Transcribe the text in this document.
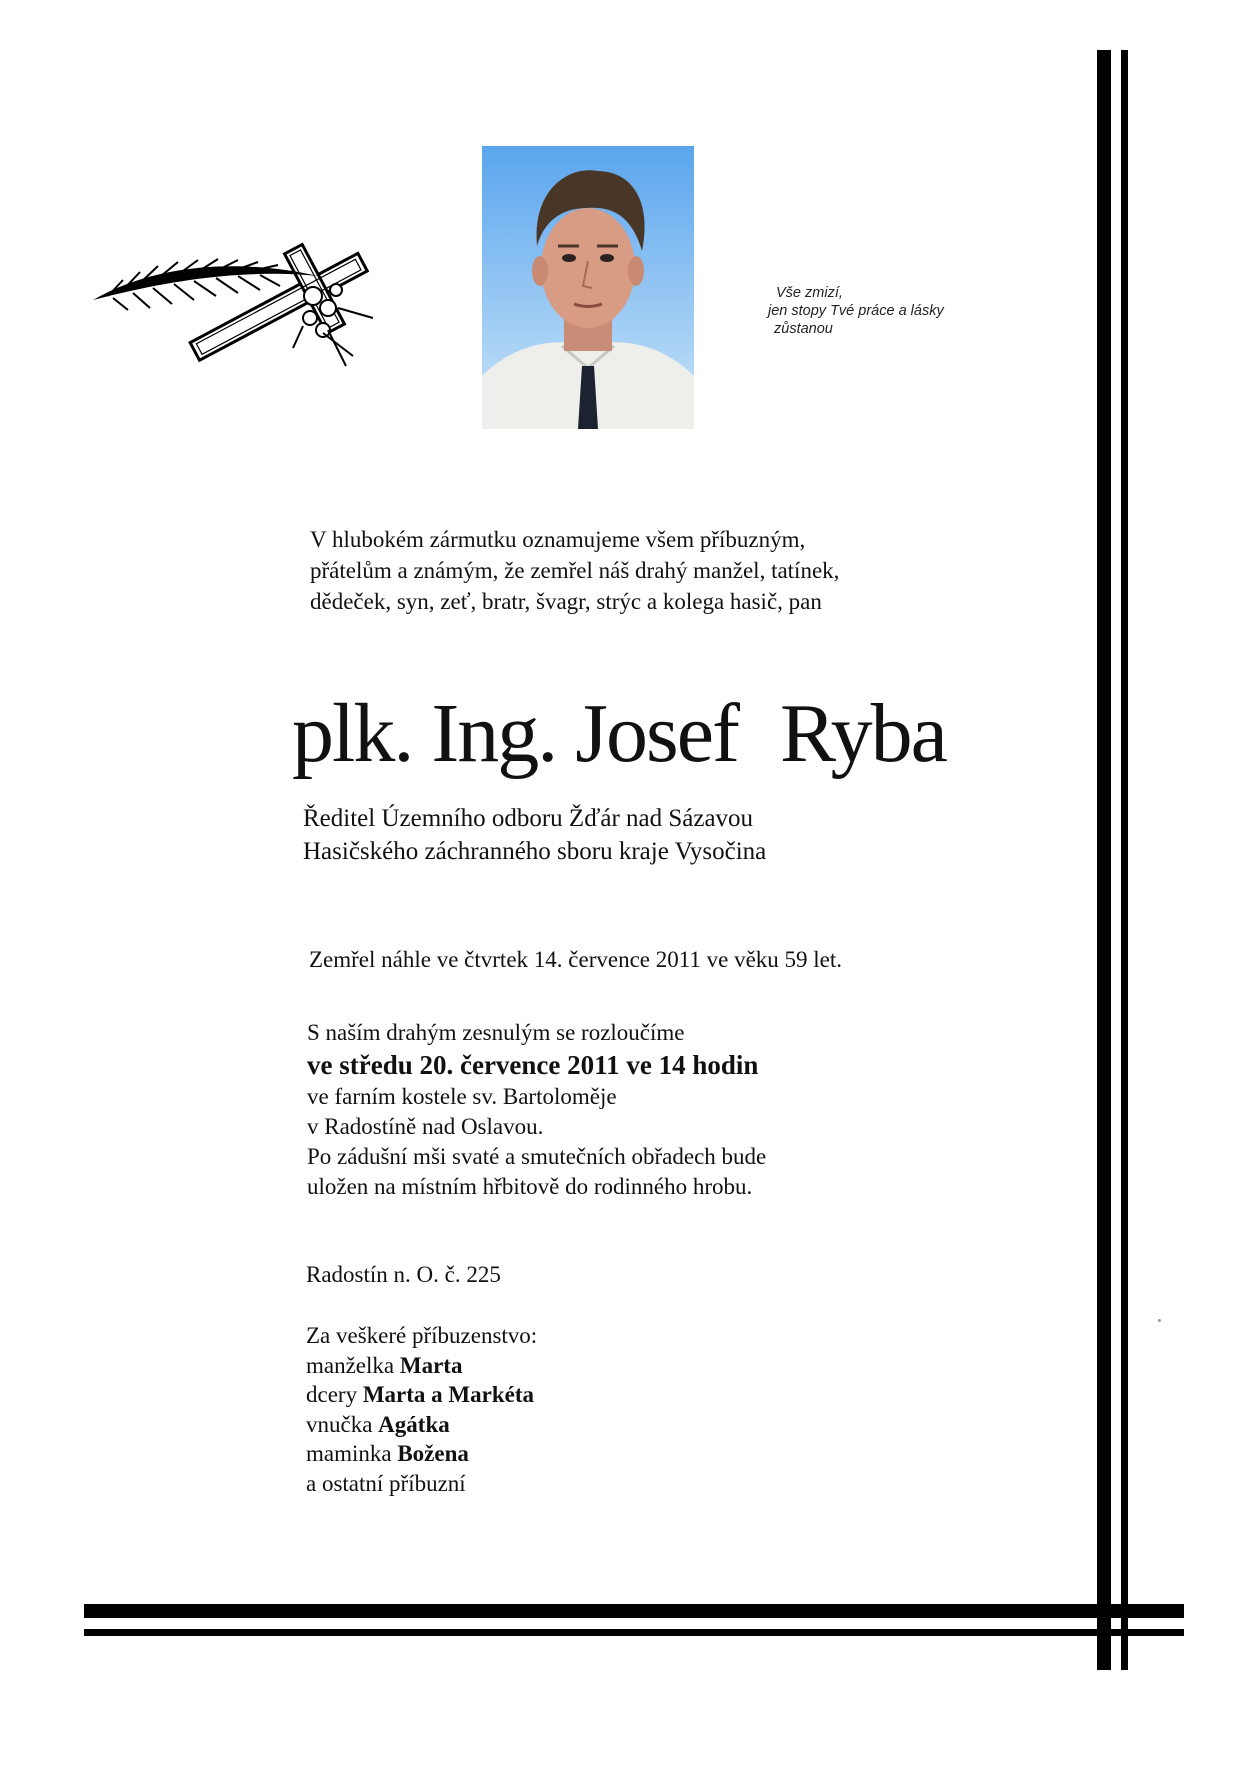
Vše zmizí,
jen stopy Tvé práce a lásky
zůstanou
V hlubokém zármutku oznamujeme všem příbuzným,
přátelům a známým, že zemřel náš drahý manžel, tatínek,
dědeček, syn, zeť, bratr, švagr, strýc a kolega hasič, pan
plk. Ing. Josef Ryba
Ředitel Územního odboru Žďár nad Sázavou
Hasičského záchranného sboru kraje Vysočina
Zemřel náhle ve čtvrtek 14. července 2011 ve věku 59 let.
S naším drahým zesnulým se rozloučíme
ve středu 20. července 2011 ve 14 hodin
ve farním kostele sv. Bartoloměje
v Radostíně nad Oslavou.
Po zádušní mši svaté a smutečních obřadech bude
uložen na místním hřbitově do rodinného hrobu.
Radostín n. O. č. 225
Za veškeré příbuzenstvo:
manželka Marta
dcery Marta a Markéta
vnučka Agátka
maminka Božena
a ostatní příbuzní
